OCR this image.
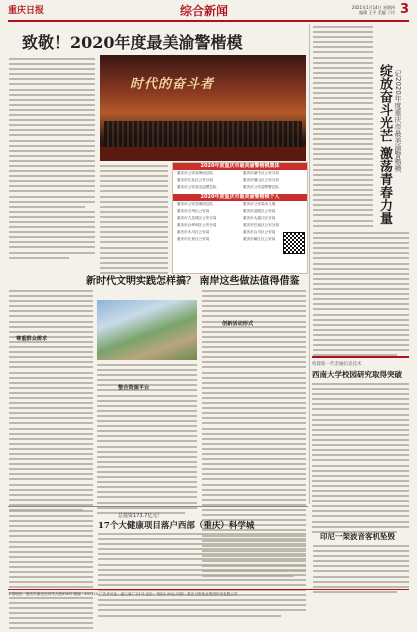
重庆日报	综合新闻	2021年1月14日 星期四
编辑 王平 美编 丁玲 3
致敬！2020年度最美渝警楷模
时代的奋斗者
2020年度重庆市最美渝警楷模集体
重庆市公安局刑侦总队	重庆市渝中区公安分局
重庆市江北区公安分局	重庆市璧山区公安分局
重庆市公安局交巡警总队	重庆市公安局特警总队
2020年度重庆市最美渝警楷模个人
重庆市公安局刑侦总队	重庆市公安局出入境
重庆市万州区公安局	重庆市涪陵区公安局
重庆市九龙坡区公安分局	重庆市大渡口区分局
重庆市沙坪坝区公安分局	重庆市巴南区公安分局
重庆市永川区公安局	重庆市合川区公安局
重庆市长寿区公安局	重庆市綦江区公安局
绽放奋斗光芒 激荡青春力量 记2020年度重庆市最美渝警楷模
新时代文明实践怎样搞？ 南岸这些做法值得借鉴
尊重群众需求
整合资源平台
创新活动形式
构建新一代金融信息技术
西南大学校园研究取得突破
总投资173.7亿元！
17个大健康项目落户西部（重庆）科学城
印尼一架波音客机坠毁
本报地址：重庆市渝北区同茂大道416号 邮编：401120 广告许可证：渝工商广字1号 定价：每份1.50元 印刷：重庆日报报业集团印务有限公司
